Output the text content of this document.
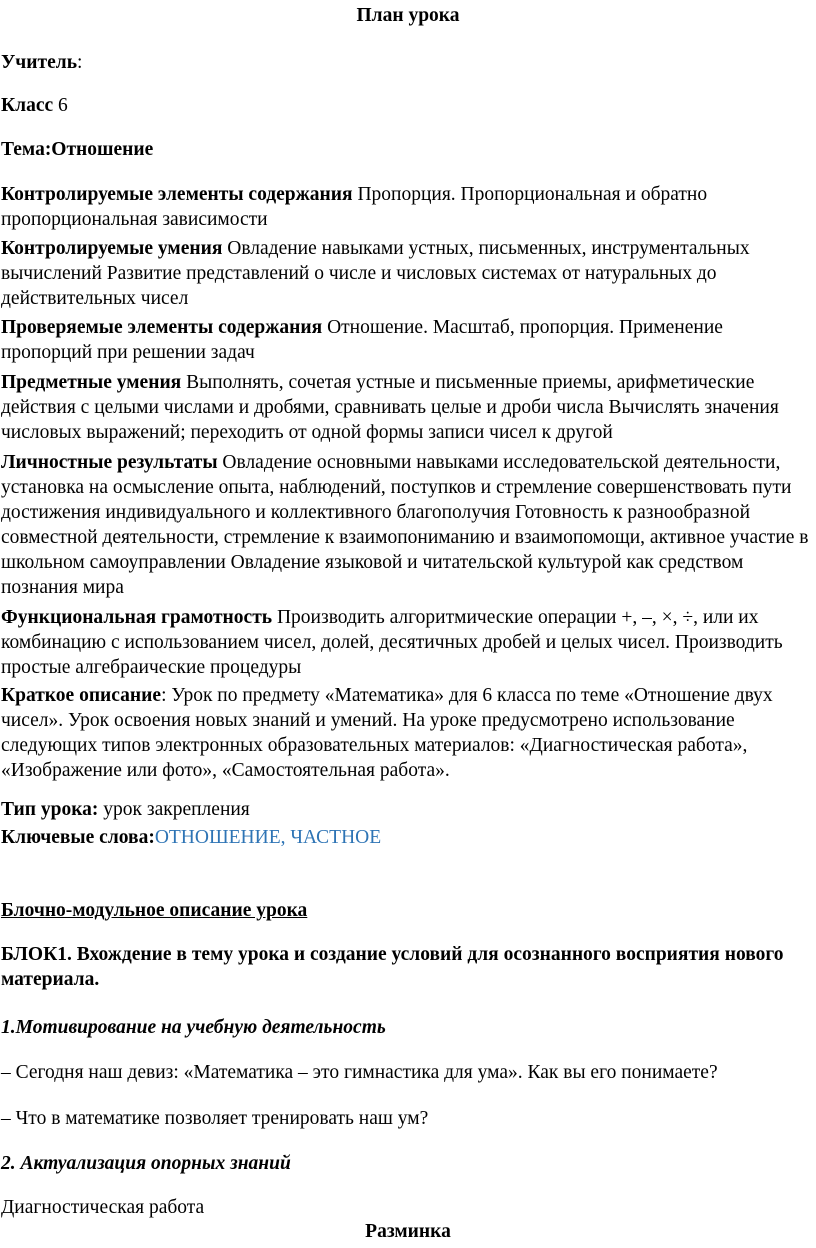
План урока

Учитель:

Класс 6

Тема:Отношение

Контролируемые элементы содержания Пропорция. Пропорциональная и обратно пропорциональная зависимости

Контролируемые умения Овладение навыками устных, письменных, инструментальных вычислений Развитие представлений о числе и числовых системах от натуральных до действительных чисел

Проверяемые элементы содержания Отношение. Масштаб, пропорция. Применение пропорций при решении задач

Предметные умения Выполнять, сочетая устные и письменные приемы, арифметические действия с целыми числами и дробями, сравнивать целые и дроби числа Вычислять значения числовых выражений; переходить от одной формы записи чисел к другой

Личностные результаты Овладение основными навыками исследовательской деятельности, установка на осмысление опыта, наблюдений, поступков и стремление совершенствовать пути достижения индивидуального и коллективного благополучия Готовность к разнообразной совместной деятельности, стремление к взаимопониманию и взаимопомощи, активное участие в школьном самоуправлении Овладение языковой и читательской культурой как средством познания мира

Функциональная грамотность Производить алгоритмические операции +, –, ×, ÷, или их комбинацию с использованием чисел, долей, десятичных дробей и целых чисел. Производить простые алгебраические процедуры

Краткое описание: Урок по предмету «Математика» для 6 класса по теме «Отношение двух чисел». Урок освоения новых знаний и умений. На уроке предусмотрено использование следующих типов электронных образовательных материалов: «Диагностическая работа», «Изображение или фото», «Самостоятельная работа».

Тип урока: урок закрепления

Ключевые слова:ОТНОШЕНИЕ, ЧАСТНОЕ

Блочно-модульное описание урока

БЛОК1. Вхождение в тему урока и создание условий для осознанного восприятия нового материала.

1.Мотивирование на учебную деятельность

– Сегодня наш девиз: «Математика – это гимнастика для ума». Как вы его понимаете?

– Что в математике позволяет тренировать наш ум?

2. Актуализация опорных знаний

Диагностическая работа

Разминка
